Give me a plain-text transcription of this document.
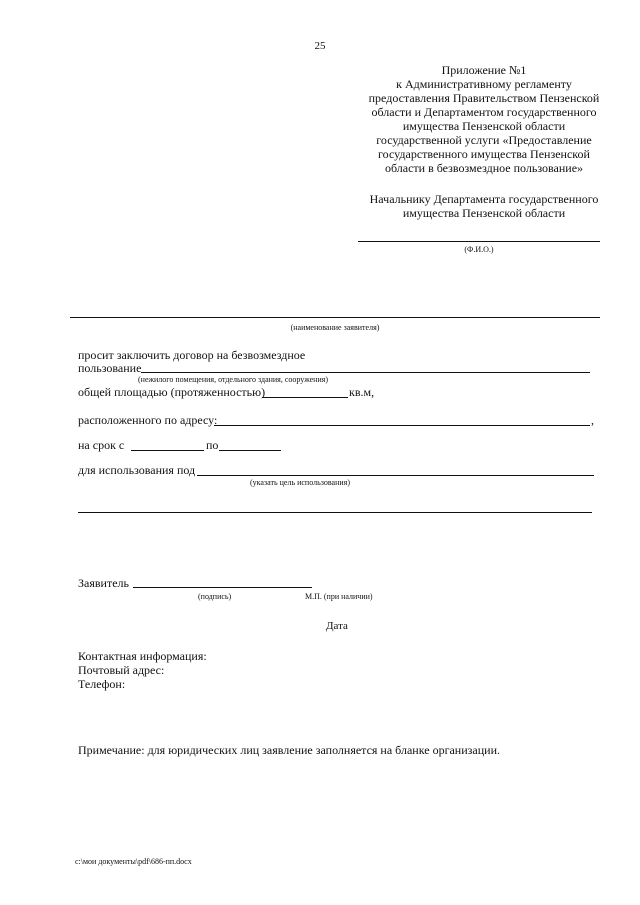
25
Приложение №1
к Административному регламенту
предоставления Правительством Пензенской
области и Департаментом государственного
имущества Пензенской области
государственной услуги «Предоставление
государственного имущества Пензенской
области в безвозмездное пользование»
Начальнику Департамента государственного
имущества Пензенской области
(Ф.И.О.)
(наименование заявителя)
просит заключить договор на безвозмездное
пользование
(нежилого помещения, отдельного здания, сооружения)
общей площадью (протяженностью)	кв.м,
расположенного по адресу:	,
на срок с	по
для использования под
(указать цель использования)
Заявитель
(подпись)	М.П. (при наличии)
Дата
Контактная информация:
Почтовый адрес:
Телефон:
Примечание: для юридических лиц заявление заполняется на бланке организации.
c:\мои документы\pdf\686-пп.docx
